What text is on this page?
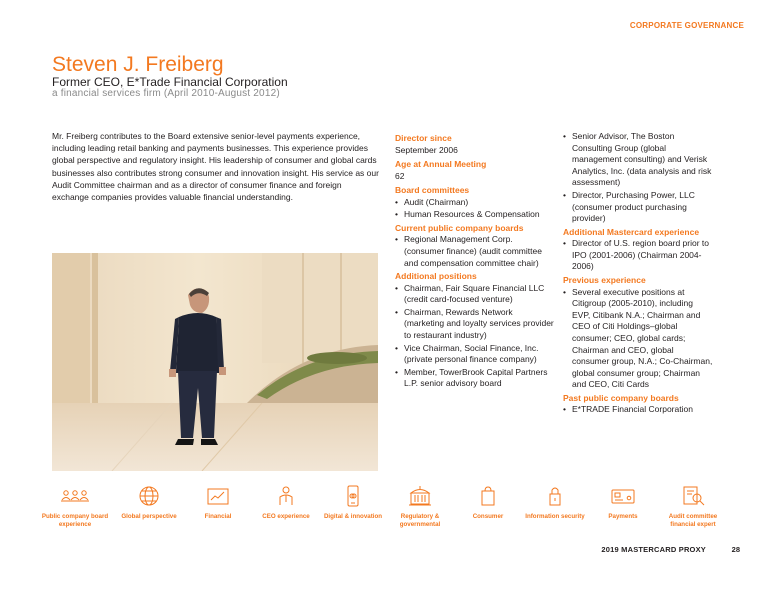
CORPORATE GOVERNANCE
Steven J. Freiberg
Former CEO, E*Trade Financial Corporation
a financial services firm (April 2010-August 2012)
Mr. Freiberg contributes to the Board extensive senior-level payments experience, including leading retail banking and payments businesses. This experience provides global perspective and regulatory insight. His leadership of consumer and global cards businesses also contributes strong consumer and innovation insight. His service as our Audit Committee chairman and as a director of consumer finance and foreign exchange companies provides valuable financial understanding.
Director since
September 2006
Age at Annual Meeting
62
Board committees
• Audit (Chairman)
• Human Resources & Compensation
Current public company boards
• Regional Management Corp. (consumer finance) (audit committee and compensation committee chair)
Additional positions
• Chairman, Fair Square Financial LLC (credit card-focused venture)
• Chairman, Rewards Network (marketing and loyalty services provider to restaurant industry)
• Vice Chairman, Social Finance, Inc. (private personal finance company)
• Member, TowerBrook Capital Partners L.P. senior advisory board
• Senior Advisor, The Boston Consulting Group (global management consulting) and Verisk Analytics, Inc. (data analysis and risk assessment)
• Director, Purchasing Power, LLC (consumer product purchasing provider)
Additional Mastercard experience
• Director of U.S. region board prior to IPO (2001-2006) (Chairman 2004-2006)
Previous experience
• Several executive positions at Citigroup (2005-2010), including EVP, Citibank N.A.; Chairman and CEO of Citi Holdings–global consumer; CEO, global cards; Chairman and CEO, global consumer group, N.A.; Co-Chairman, global consumer group; Chairman and CEO, Citi Cards
Past public company boards
• E*TRADE Financial Corporation
Public company board experience
Global perspective	Financial	CEO experience	Digital & innovation	Regulatory & governmental
Consumer	Information security	Payments	Audit committee financial expert
2019 MASTERCARD PROXY	28
